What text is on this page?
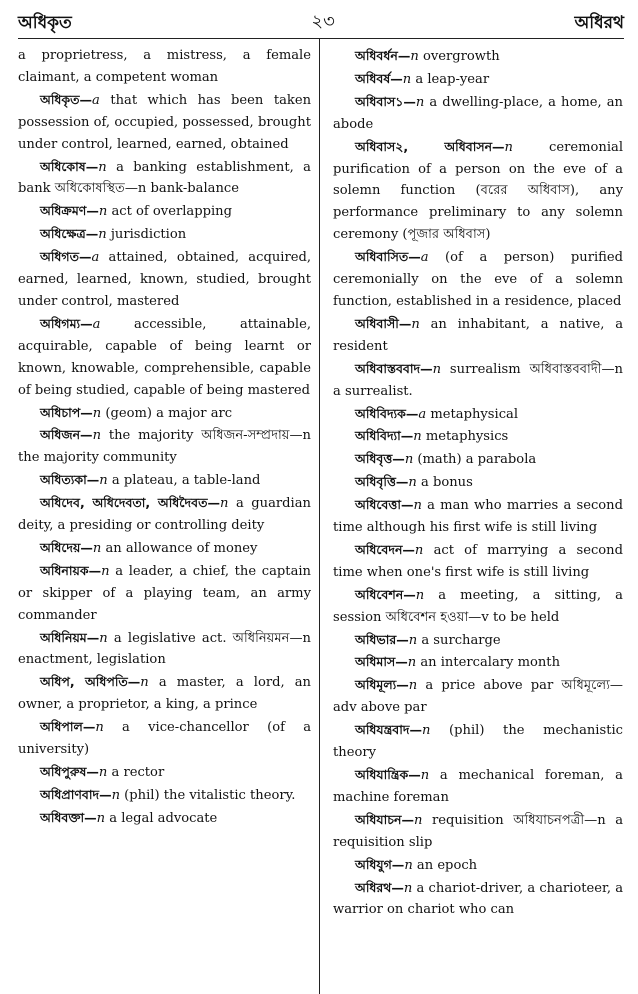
অধিকৃত	২৩	অধিরথ

a proprietress, a mistress, a female claimant, a competent woman

অধিকৃত—a that which has been taken possession of, occupied, possessed, brought under control, learned, earned, obtained

অধিকোষ—n a banking establishment, a bank অধিকোষস্থিত—n bank-balance

অধিক্রমণ—n act of overlapping

অধিক্ষেত্র—n jurisdiction

অধিগত—a attained, obtained, acquired, earned, learned, known, studied, brought under control, mastered

অধিগম্য—a accessible, attainable, acquirable, capable of being learnt or known, knowable, comprehensible, capable of being studied, capable of being mastered

অধিচাপ—n (geom) a major arc

অধিজন—n the majority অধিজন-সম্প্রদায়—n the majority community

অধিত্যকা—n a plateau, a table-land

অধিদেব, অধিদেবতা, অধিদৈবত—n a guardian deity, a presiding or controlling deity

অধিদেয়—n an allowance of money

অধিনায়ক—n a leader, a chief, the captain or skipper of a playing team, an army commander

অধিনিয়ম—n a legislative act. অধিনিয়মন—n enactment, legislation

অধিপ, অধিপতি—n a master, a lord, an owner, a proprietor, a king, a prince

অধিপাল—n a vice-chancellor (of a university)

অধিপুরুষ—n a rector

অধিপ্রাণবাদ—n (phil) the vitalistic theory.

অধিবক্তা—n a legal advocate

অধিবর্ধন—n overgrowth

অধিবর্ষ—n a leap-year

অধিবাস১—n a dwelling-place, a home, an abode

অধিবাস২, অধিবাসন—n ceremonial purification of a person on the eve of a solemn function (বরের অধিবাস), any performance preliminary to any solemn ceremony (পূজার অধিবাস)

অধিবাসিত—a (of a person) purified ceremonially on the eve of a solemn function, established in a residence, placed

অধিবাসী—n an inhabitant, a native, a resident

অধিবাস্তববাদ—n surrealism অধিবাস্তববাদী—n a surrealist.

অধিবিদ্যক—a metaphysical

অধিবিদ্যা—n metaphysics

অধিবৃত্ত—n (math) a parabola

অধিবৃত্তি—n a bonus

অধিবেত্তা—n a man who marries a second time although his first wife is still living

অধিবেদন—n act of marrying a second time when one's first wife is still living

অধিবেশন—n a meeting, a sitting, a session অধিবেশন হওয়া—v to be held

অধিভার—n a surcharge

অধিমাস—n an intercalary month

অধিমূল্য—n a price above par অধিমূল্যে—adv above par

অধিযন্ত্রবাদ—n (phil) the mechanistic theory

অধিযান্ত্রিক—n a mechanical foreman, a machine foreman

অধিযাচন—n requisition অধিযাচনপত্রী—n a requisition slip

অধিযুগ—n an epoch

অধিরথ—n a chariot-driver, a charioteer, a warrior on chariot who can
